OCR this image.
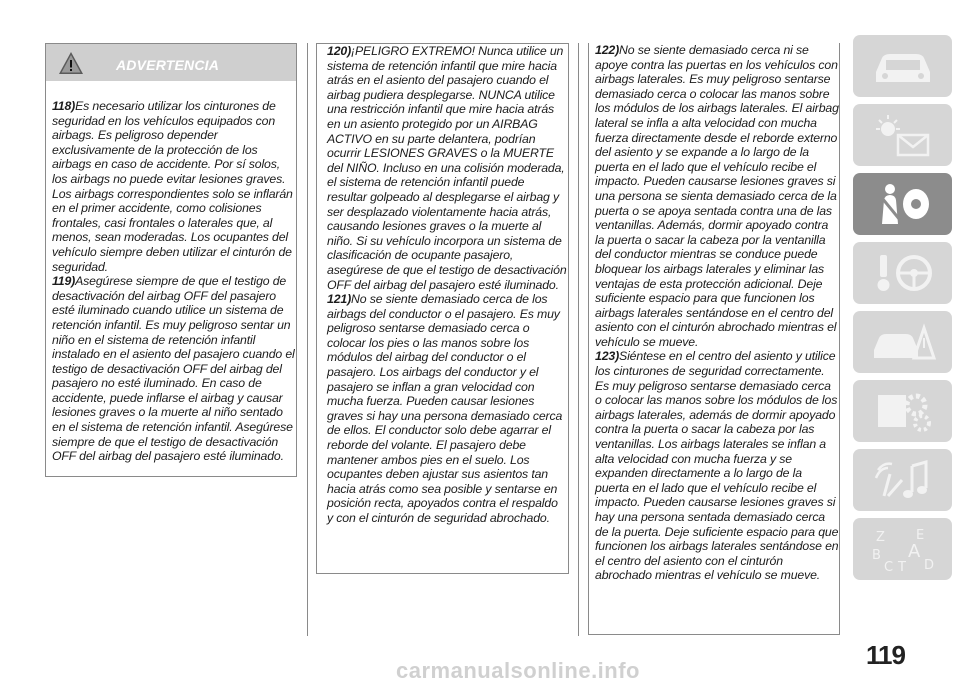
ADVERTENCIA

118)Es necesario utilizar los cinturones de seguridad en los vehículos equipados con airbags. Es peligroso depender exclusivamente de la protección de los airbags en caso de accidente. Por sí solos, los airbags no puede evitar lesiones graves. Los airbags correspondientes solo se inflarán en el primer accidente, como colisiones frontales, casi frontales o laterales que, al menos, sean moderadas. Los ocupantes del vehículo siempre deben utilizar el cinturón de seguridad.

119)Asegúrese siempre de que el testigo de desactivación del airbag OFF del pasajero esté iluminado cuando utilice un sistema de retención infantil. Es muy peligroso sentar un niño en el sistema de retención infantil instalado en el asiento del pasajero cuando el testigo de desactivación OFF del airbag del pasajero no esté iluminado. En caso de accidente, puede inflarse el airbag y causar lesiones graves o la muerte al niño sentado en el sistema de retención infantil. Asegúrese siempre de que el testigo de desactivación OFF del airbag del pasajero esté iluminado.

120)¡PELIGRO EXTREMO! Nunca utilice un sistema de retención infantil que mire hacia atrás en el asiento del pasajero cuando el airbag pudiera desplegarse. NUNCA utilice una restricción infantil que mire hacia atrás en un asiento protegido por un AIRBAG ACTIVO en su parte delantera, podrían ocurrir LESIONES GRAVES o la MUERTE del NIÑO. Incluso en una colisión moderada, el sistema de retención infantil puede resultar golpeado al desplegarse el airbag y ser desplazado violentamente hacia atrás, causando lesiones graves o la muerte al niño. Si su vehículo incorpora un sistema de clasificación de ocupante pasajero, asegúrese de que el testigo de desactivación OFF del airbag del pasajero esté iluminado.

121)No se siente demasiado cerca de los airbags del conductor o el pasajero. Es muy peligroso sentarse demasiado cerca o colocar los pies o las manos sobre los módulos del airbag del conductor o el pasajero. Los airbags del conductor y el pasajero se inflan a gran velocidad con mucha fuerza. Pueden causar lesiones graves si hay una persona demasiado cerca de ellos. El conductor solo debe agarrar el reborde del volante. El pasajero debe mantener ambos pies en el suelo. Los ocupantes deben ajustar sus asientos tan hacia atrás como sea posible y sentarse en posición recta, apoyados contra el respaldo y con el cinturón de seguridad abrochado.

122)No se siente demasiado cerca ni se apoye contra las puertas en los vehículos con airbags laterales. Es muy peligroso sentarse demasiado cerca o colocar las manos sobre los módulos de los airbags laterales. El airbag lateral se infla a alta velocidad con mucha fuerza directamente desde el reborde externo del asiento y se expande a lo largo de la puerta en el lado que el vehículo recibe el impacto. Pueden causarse lesiones graves si una persona se sienta demasiado cerca de la puerta o se apoya sentada contra una de las ventanillas. Además, dormir apoyado contra la puerta o sacar la cabeza por la ventanilla del conductor mientras se conduce puede bloquear los airbags laterales y eliminar las ventajas de esta protección adicional. Deje suficiente espacio para que funcionen los airbags laterales sentándose en el centro del asiento con el cinturón abrochado mientras el vehículo se mueve.

123)Siéntese en el centro del asiento y utilice los cinturones de seguridad correctamente. Es muy peligroso sentarse demasiado cerca o colocar las manos sobre los módulos de los airbags laterales, además de dormir apoyado contra la puerta o sacar la cabeza por las ventanillas. Los airbags laterales se inflan a alta velocidad con mucha fuerza y se expanden directamente a lo largo de la puerta en el lado que el vehículo recibe el impacto. Pueden causarse lesiones graves si hay una persona sentada demasiado cerca de la puerta. Deje suficiente espacio para que funcionen los airbags laterales sentándose en el centro del asiento con el cinturón abrochado mientras el vehículo se mueve.

Z E
B A
C D
T
119
carmanualsonline.info
